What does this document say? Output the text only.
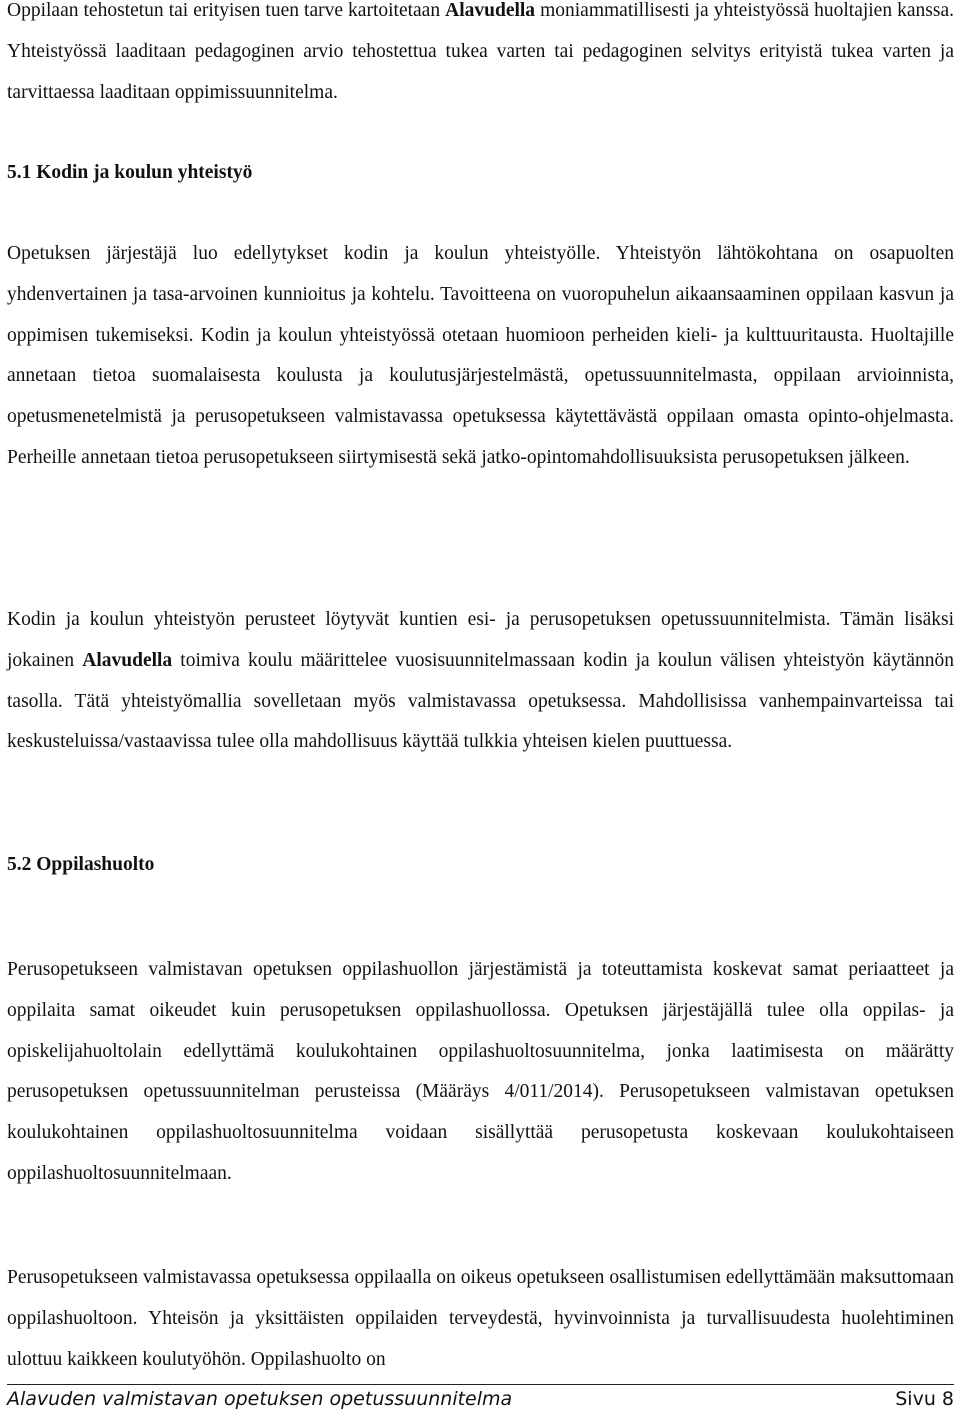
Oppilaan tehostetun tai erityisen tuen tarve kartoitetaan Alavudella moniammatillisesti ja yhteistyössä huoltajien kanssa. Yhteistyössä laaditaan pedagoginen arvio tehostettua tukea varten tai pedagoginen selvitys erityistä tukea varten ja tarvittaessa laaditaan oppimissuunnitelma.

5.1 Kodin ja koulun yhteistyö

Opetuksen järjestäjä luo edellytykset kodin ja koulun yhteistyölle. Yhteistyön lähtökohtana on osapuolten yhdenvertainen ja tasa-arvoinen kunnioitus ja kohtelu. Tavoitteena on vuoropuhelun aikaansaaminen oppilaan kasvun ja oppimisen tukemiseksi. Kodin ja koulun yhteistyössä otetaan huomioon perheiden kieli- ja kulttuuritausta. Huoltajille annetaan tietoa suomalaisesta koulusta ja koulutusjärjestelmästä, opetussuunnitelmasta, oppilaan arvioinnista, opetusmenetelmistä ja perusopetukseen valmistavassa opetuksessa käytettävästä oppilaan omasta opinto-ohjelmasta. Perheille annetaan tietoa perusopetukseen siirtymisestä sekä jatko-opintomahdollisuuksista perusopetuksen jälkeen.

Kodin ja koulun yhteistyön perusteet löytyvät kuntien esi- ja perusopetuksen opetussuunnitelmista. Tämän lisäksi jokainen Alavudella toimiva koulu määrittelee vuosisuunnitelmassaan kodin ja koulun välisen yhteistyön käytännön tasolla. Tätä yhteistyömallia sovelletaan myös valmistavassa opetuksessa. Mahdollisissa vanhempainvarteissa tai keskusteluissa/vastaavissa tulee olla mahdollisuus käyttää tulkkia yhteisen kielen puuttuessa.

5.2 Oppilashuolto

Perusopetukseen valmistavan opetuksen oppilashuollon järjestämistä ja toteuttamista koskevat samat periaatteet ja oppilaita samat oikeudet kuin perusopetuksen oppilashuollossa. Opetuksen järjestäjällä tulee olla oppilas- ja opiskelijahuoltolain edellyttämä koulukohtainen oppilashuoltosuunnitelma, jonka laatimisesta on määrätty perusopetuksen opetussuunnitelman perusteissa (Määräys 4/011/2014). Perusopetukseen valmistavan opetuksen koulukohtainen oppilashuoltosuunnitelma voidaan sisällyttää perusopetusta koskevaan koulukohtaiseen oppilashuoltosuunnitelmaan.

Perusopetukseen valmistavassa opetuksessa oppilaalla on oikeus opetukseen osallistumisen edellyttämään maksuttomaan oppilashuoltoon. Yhteisön ja yksittäisten oppilaiden terveydestä, hyvinvoinnista ja turvallisuudesta huolehtiminen ulottuu kaikkeen koulutyöhön. Oppilashuolto on

Alavuden valmistavan opetuksen opetussuunnitelma	Sivu 8
